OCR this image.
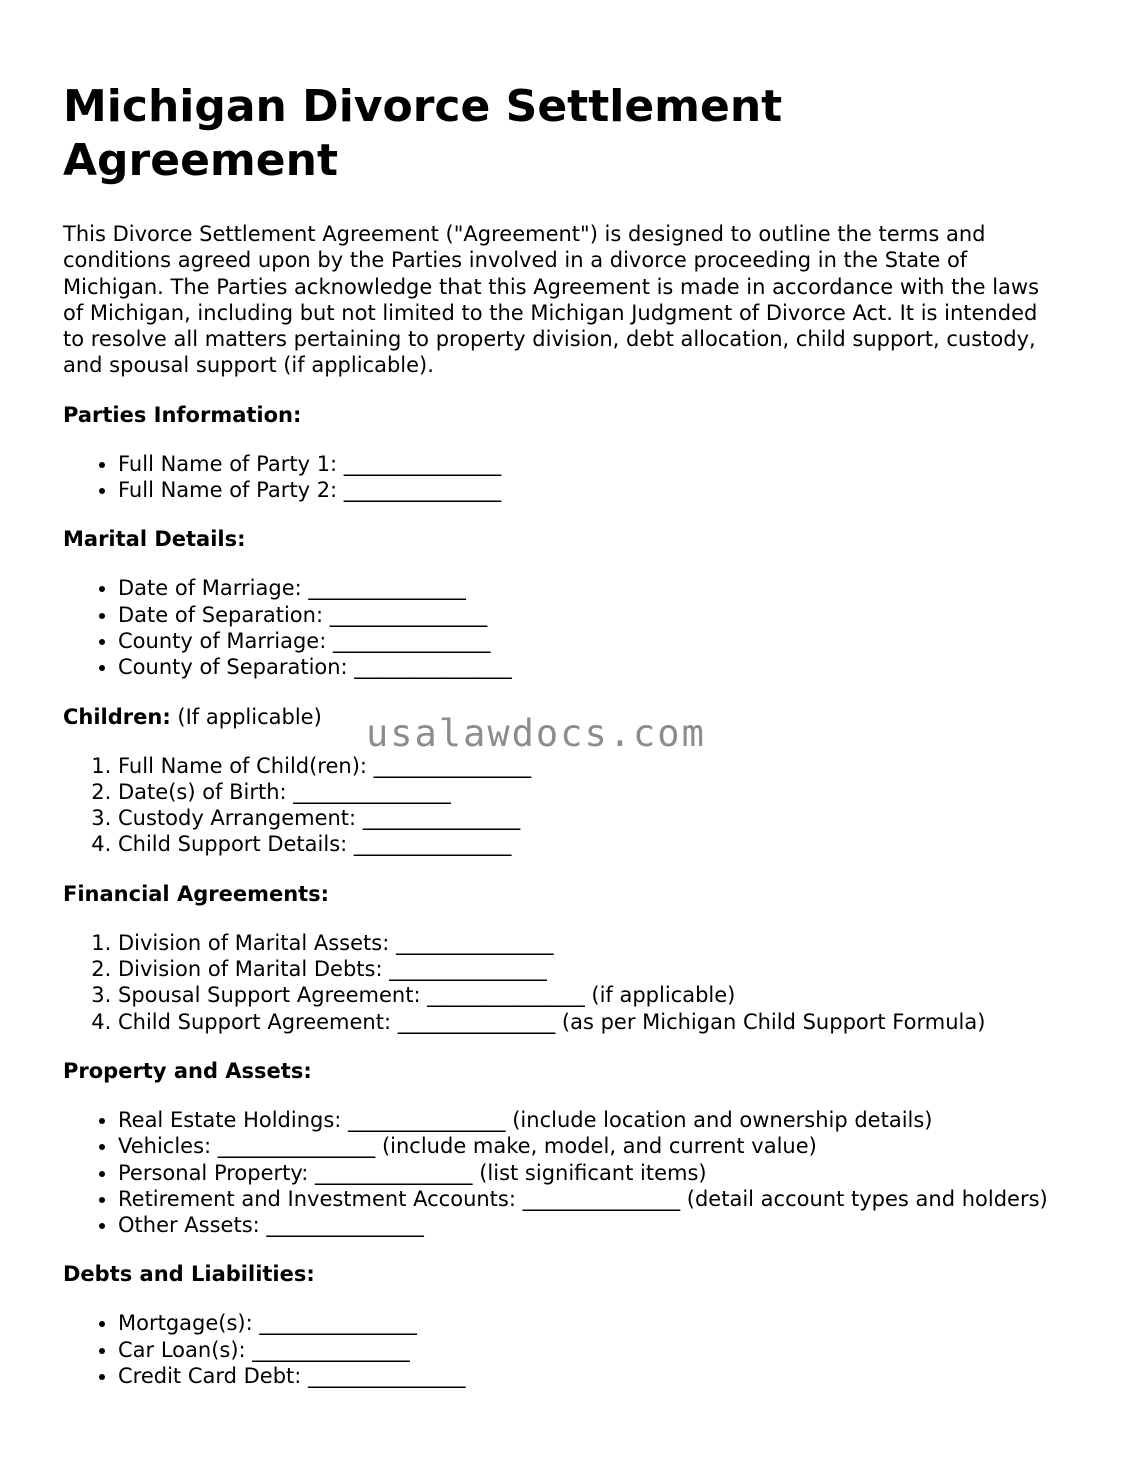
Michigan Divorce Settlement Agreement

This Divorce Settlement Agreement ("Agreement") is designed to outline the terms and conditions agreed upon by the Parties involved in a divorce proceeding in the State of Michigan. The Parties acknowledge that this Agreement is made in accordance with the laws of Michigan, including but not limited to the Michigan Judgment of Divorce Act. It is intended to resolve all matters pertaining to property division, debt allocation, child support, custody, and spousal support (if applicable).

Parties Information:
• Full Name of Party 1: _______________
• Full Name of Party 2: _______________
Marital Details:
• Date of Marriage: _______________
• Date of Separation: _______________
• County of Marriage: _______________
• County of Separation: _______________
Children: (If applicable)
1. Full Name of Child(ren): _______________
2. Date(s) of Birth: _______________
3. Custody Arrangement: _______________
4. Child Support Details: _______________
Financial Agreements:
1. Division of Marital Assets: _______________
2. Division of Marital Debts: _______________
3. Spousal Support Agreement: _______________ (if applicable)
4. Child Support Agreement: _______________ (as per Michigan Child Support Formula)
Property and Assets:
• Real Estate Holdings: _______________ (include location and ownership details)
• Vehicles: _______________ (include make, model, and current value)
• Personal Property: _______________ (list significant items)
• Retirement and Investment Accounts: _______________ (detail account types and holders)
• Other Assets: _______________
Debts and Liabilities:
• Mortgage(s): _______________
• Car Loan(s): _______________
• Credit Card Debt: _______________
usalawdocs.com
